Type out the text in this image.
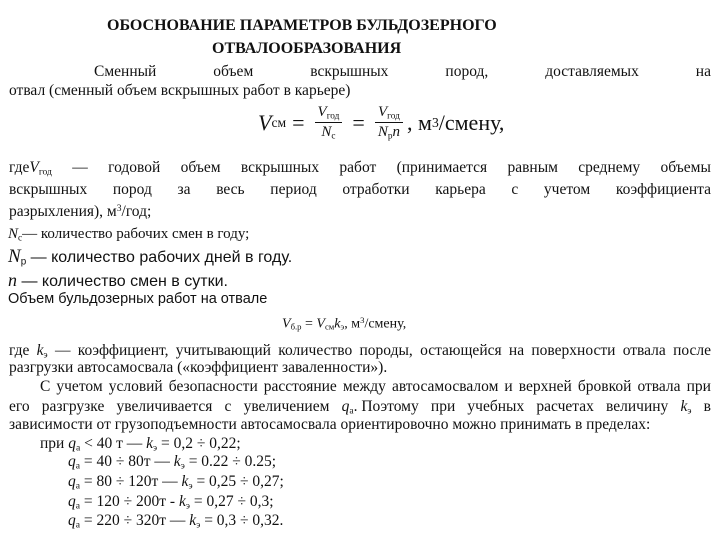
ОБОСНОВАНИЕ ПАРАМЕТРОВ БУЛЬДОЗЕРНОГО
ОТВАЛООБРАЗОВАНИЯ
Сменный	объем	вскрышных	пород,	доставляемых	на
отвал (сменный объем вскрышных работ в карьере)
V см = $\frac{V_{год}}{N_с} = \frac{V_{год}}{N_рn}$ , м 3 /смену,
гдеV$_{год}$ — годовой объем вскрышных работ (принимается равным среднему объемы
вскрышных пород за весь период отработки карьера с учетом коэффициента
разрыхления), $м^3$/год;
$N_с—$ количество рабочих смен в году;
$N_р$ — количество рабочих дней в году.
n — количество смен в сутки.
Объем бульдозерных работ на отвале
$V_{б.р} = V_{см}k_э$, $м^3$/смену,
где $k_э$ — коэффициент, учитывающий количество породы, остающейся на поверхности отвала после
разгрузки автосамосвала («коэффициент заваленности»).
С учетом условий безопасности расстояние между автосамосвалом и верхней бровкой отвала при
его разгрузке увеличивается с увеличением $q_а$. Поэтому при учебных расчетах величину $k_э$ в
зависимости от грузоподъемности автосамосвала ориентировочно можно принимать в пределах:
при $q_а < 40$ т — $k_э = 0,2 \div 0,22$;
$q_а = 40 \div 80т$ — $k_э = 0.22 \div 0.25$;
$q_а = 80 \div 120т$ — $k_э = 0,25 \div 0,27$;
$q_а = 120 \div 200т - k_э = 0,27 \div 0,3$;
$q_а = 220 \div 320т$ — $k_э = 0,3 \div 0,32$.
